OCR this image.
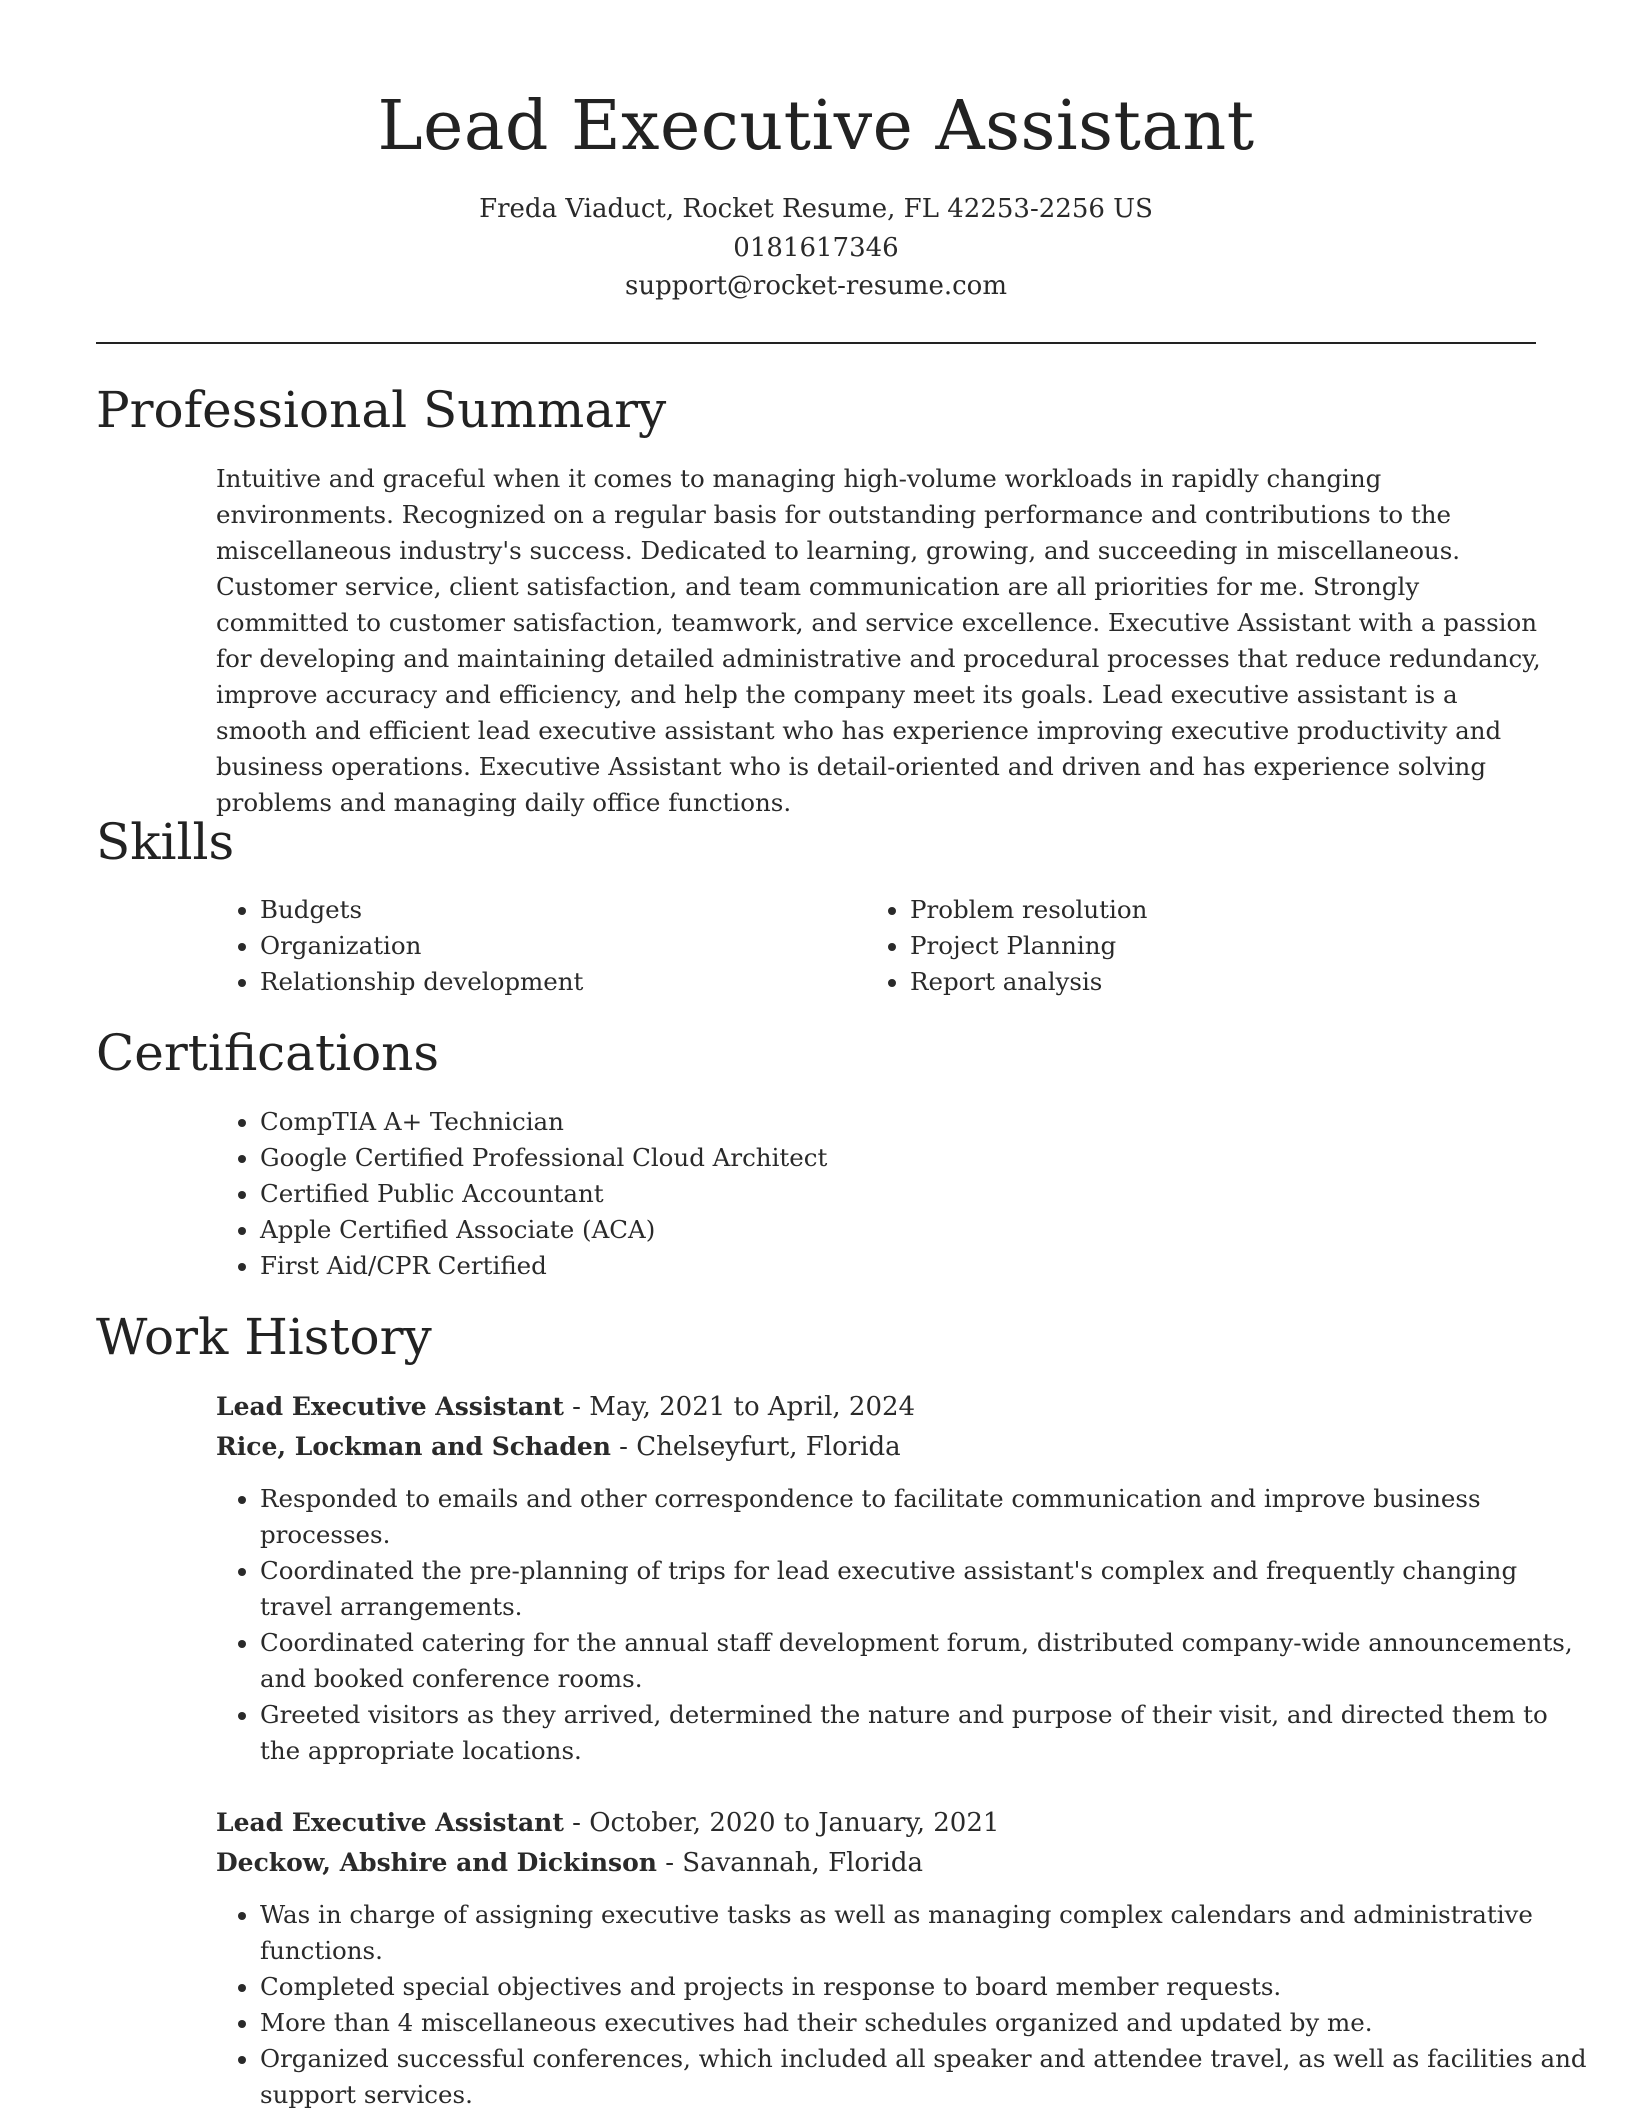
Lead Executive Assistant
Freda Viaduct, Rocket Resume, FL 42253-2256 US
0181617346
support@rocket-resume.com
Professional Summary

Intuitive and graceful when it comes to managing high-volume workloads in rapidly changing environments. Recognized on a regular basis for outstanding performance and contributions to the miscellaneous industry's success. Dedicated to learning, growing, and succeeding in miscellaneous. Customer service, client satisfaction, and team communication are all priorities for me. Strongly committed to customer satisfaction, teamwork, and service excellence. Executive Assistant with a passion for developing and maintaining detailed administrative and procedural processes that reduce redundancy, improve accuracy and efficiency, and help the company meet its goals. Lead executive assistant is a smooth and efficient lead executive assistant who has experience improving executive productivity and business operations. Executive Assistant who is detail-oriented and driven and has experience solving problems and managing daily office functions.

Skills
• Budgets
• Organization
• Relationship development
• Problem resolution
• Project Planning
• Report analysis
Certifications
• CompTIA A+ Technician
• Google Certified Professional Cloud Architect
• Certified Public Accountant
• Apple Certified Associate (ACA)
• First Aid/CPR Certified
Work History
Lead Executive Assistant - May, 2021 to April, 2024
Rice, Lockman and Schaden - Chelseyfurt, Florida
• Responded to emails and other correspondence to facilitate communication and improve business processes.
• Coordinated the pre-planning of trips for lead executive assistant's complex and frequently changing travel arrangements.
• Coordinated catering for the annual staff development forum, distributed company-wide announcements, and booked conference rooms.
• Greeted visitors as they arrived, determined the nature and purpose of their visit, and directed them to the appropriate locations.
Lead Executive Assistant - October, 2020 to January, 2021
Deckow, Abshire and Dickinson - Savannah, Florida
• Was in charge of assigning executive tasks as well as managing complex calendars and administrative functions.
• Completed special objectives and projects in response to board member requests.
• More than 4 miscellaneous executives had their schedules organized and updated by me.
• Organized successful conferences, which included all speaker and attendee travel, as well as facilities and support services.
